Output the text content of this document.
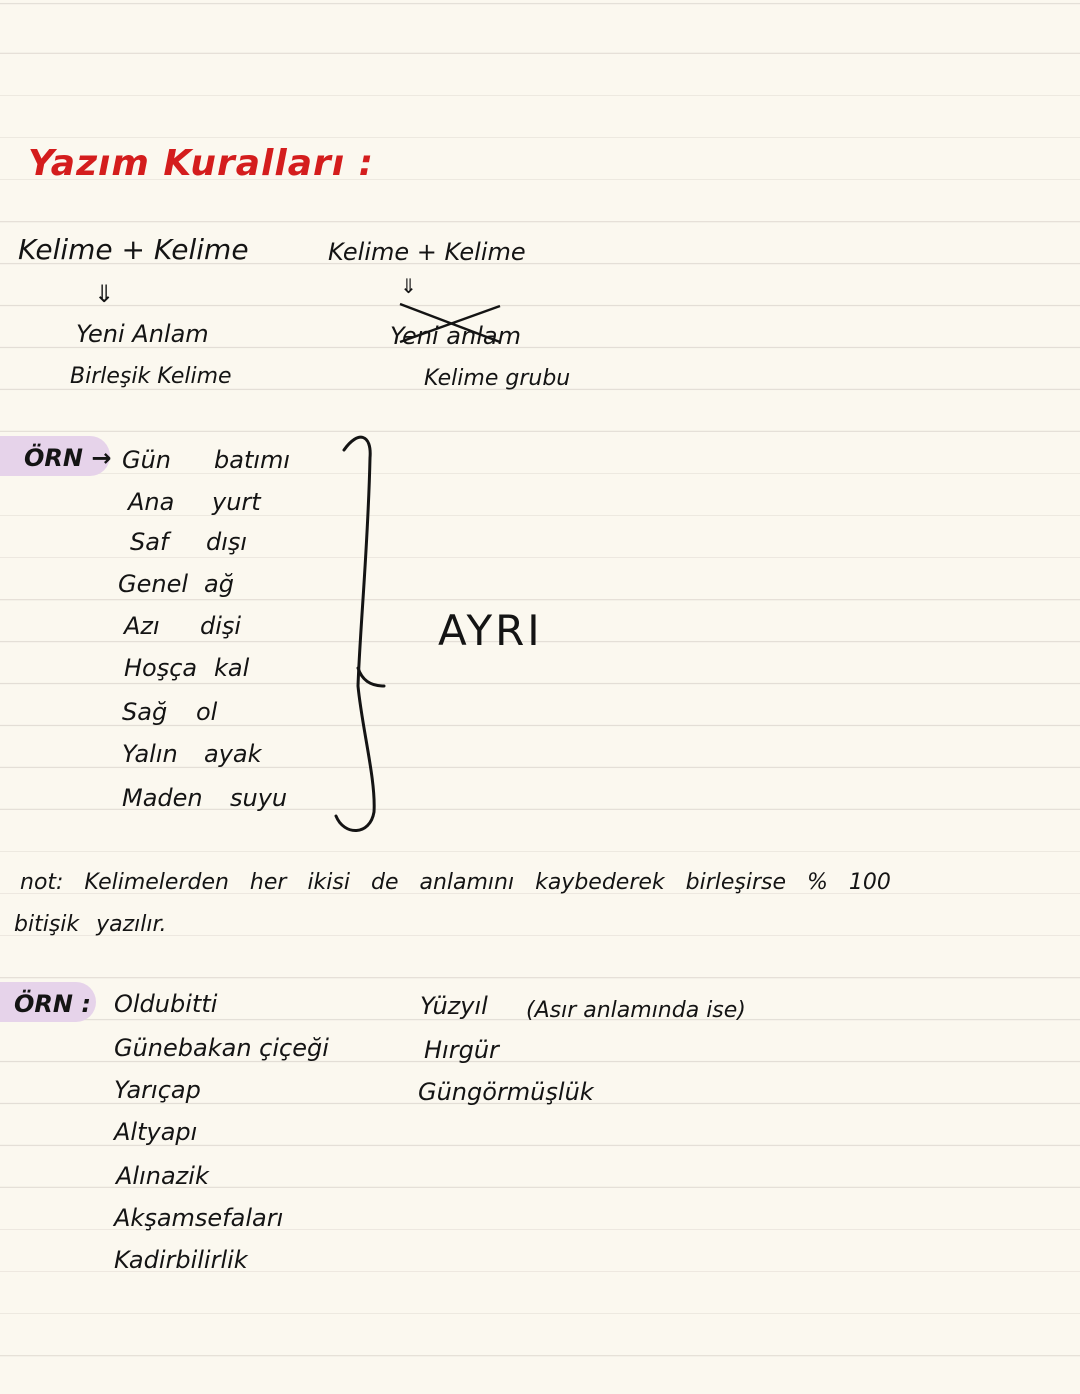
Yazım Kuralları :
Kelime + Kelime
⇓
Yeni Anlam
Birleşik Kelime
Kelime + Kelime
⇓
Yeni anlam
Kelime grubu
ÖRN → Gün batımı
Ana yurt
Saf dışı
Genel ağ
Azı dişi
Hoşça kal
Sağ ol
Yalın ayak
Maden suyu
AYRI
not: Kelimelerden her ikisi de anlamını kaybederek birleşirse % 100
bitişik yazılır.
ÖRN : Oldubitti
Günebakan çiçeği
Yarıçap
Altyapı
Alınazik
Akşamsefaları
Kadirbilirlik
Yüzyıl (Asır anlamında ise)
Hırgür
Güngörmüşlük
